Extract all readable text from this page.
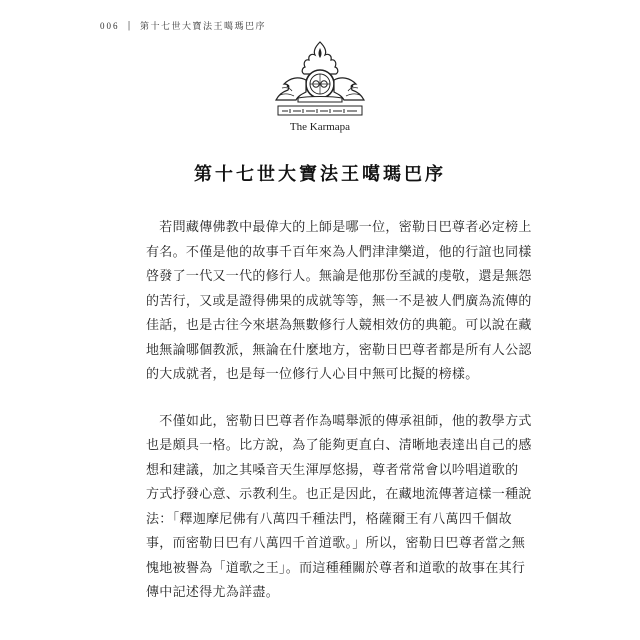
006 | 第十七世大寶法王噶瑪巴序
The Karmapa
第十七世大寶法王噶瑪巴序
　若問藏傳佛教中最偉大的上師是哪一位，密勒日巴尊者必定榜上
有名。不僅是他的故事千百年來為人們津津樂道，他的行誼也同樣
啓發了一代又一代的修行人。無論是他那份至誠的虔敬，還是無怨
的苦行，又或是證得佛果的成就等等，無一不是被人們廣為流傳的
佳話，也是古往今來堪為無數修行人競相效仿的典範。可以說在藏
地無論哪個教派，無論在什麼地方，密勒日巴尊者都是所有人公認
的大成就者，也是每一位修行人心目中無可比擬的榜樣。
　不僅如此，密勒日巴尊者作為噶舉派的傳承祖師，他的教學方式
也是頗具一格。比方說，為了能夠更直白、清晰地表達出自己的感
想和建議，加之其嗓音天生渾厚悠揚，尊者常常會以吟唱道歌的
方式抒發心意、示教利生。也正是因此，在藏地流傳著這樣一種說
法：「釋迦摩尼佛有八萬四千種法門，格薩爾王有八萬四千個故
事，而密勒日巴有八萬四千首道歌。」所以，密勒日巴尊者當之無
愧地被譽為「道歌之王」。而這種種關於尊者和道歌的故事在其行
傳中記述得尤為詳盡。
